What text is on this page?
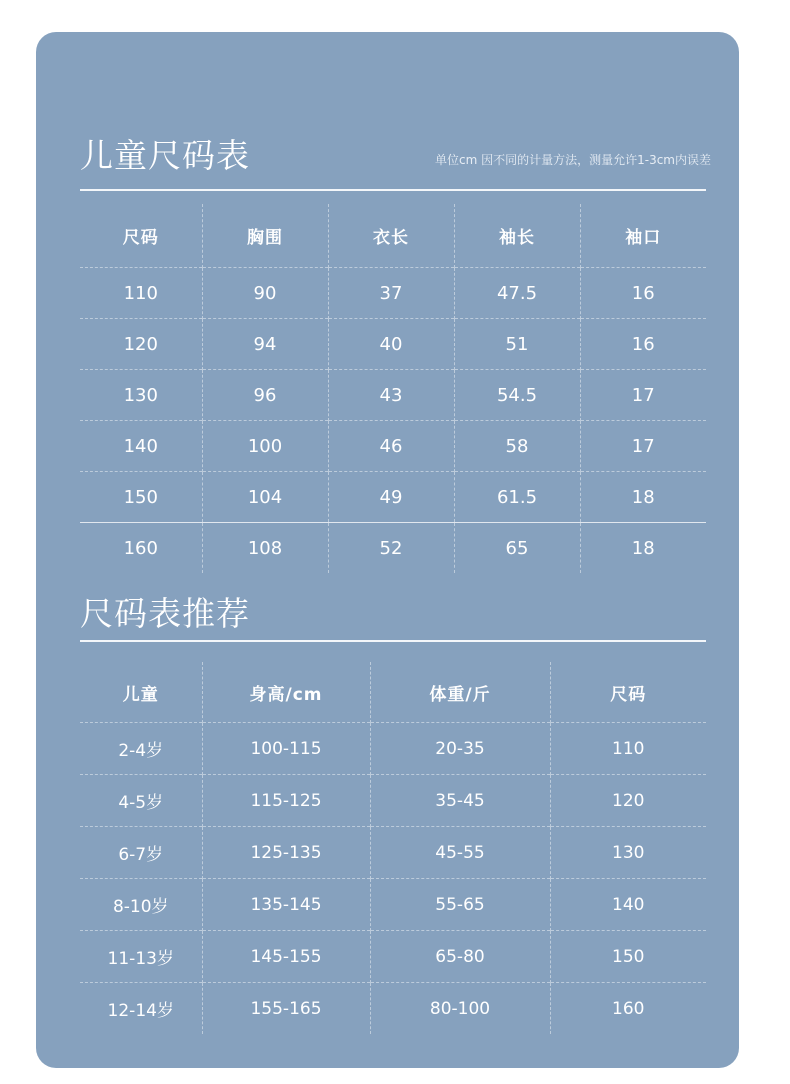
儿童尺码表	单位cm 因不同的计量方法，测量允许1-3cm内误差
尺码	胸围	衣长	袖长	袖口
110	90	37	47.5	16
120	94	40	51	16
130	96	43	54.5	17
140	100	46	58	17
150	104	49	61.5	18
160	108	52	65	18
尺码表推荐
儿童	身高/cm	体重/斤	尺码
2-4岁	100-115	20-35	110
4-5岁	115-125	35-45	120
6-7岁	125-135	45-55	130
8-10岁	135-145	55-65	140
11-13岁	145-155	65-80	150
12-14岁	155-165	80-100	160
